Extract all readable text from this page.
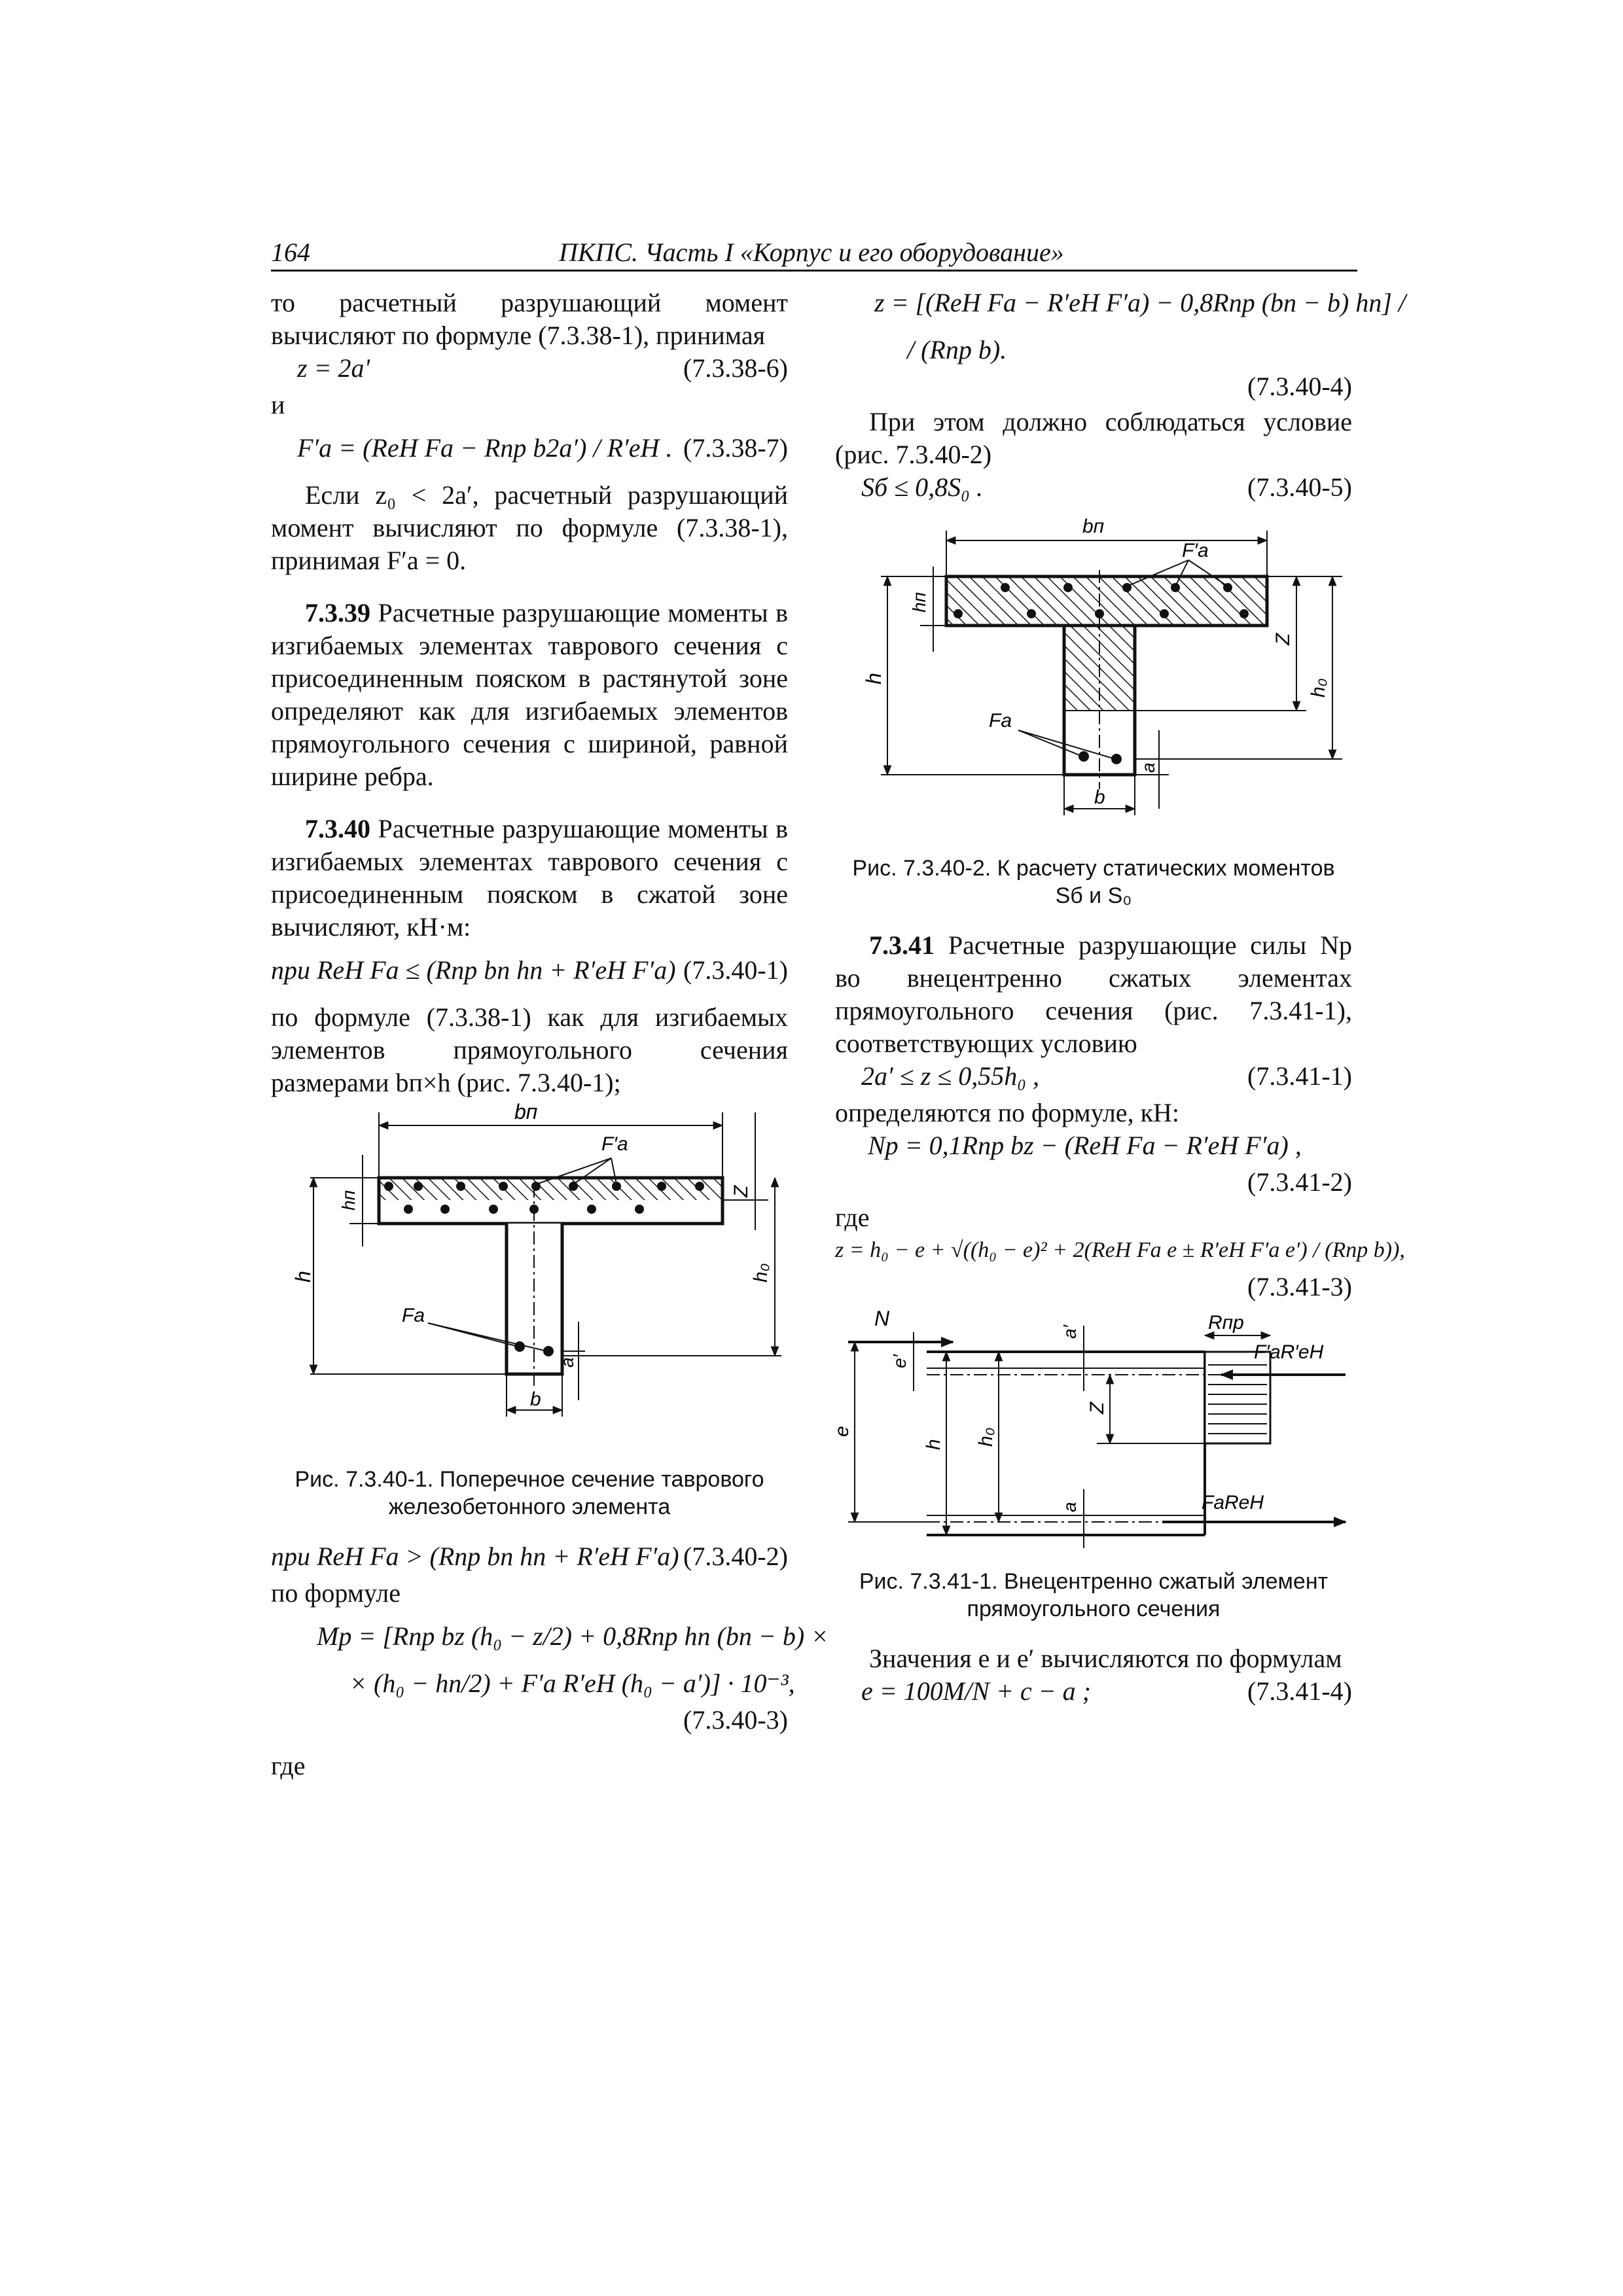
164	ПКПС. Часть I «Корпус и его оборудование»

то расчетный разрушающий момент вычисляют по формуле (7.3.38-1), принимая

z = 2a'	(7.3.38-6)

и

F′a = (RеН Fа − Rпр b2a′) / R′еН . (7.3.38-7)

Если z₀ < 2a′, расчетный разрушающий момент вычисляют по формуле (7.3.38-1), принимая F′а = 0.

7.3.39 Расчетные разрушающие моменты в изгибаемых элементах таврового сечения с присоединенным пояском в растянутой зоне определяют как для изгибаемых элементов прямоугольного сечения с шириной, равной ширине ребра.

7.3.40 Расчетные разрушающие моменты в изгибаемых элементах таврового сечения с присоединенным пояском в сжатой зоне вычисляют, кН·м:

при RеН Fа ≤ (Rпр bп hп + R′еН F′а) (7.3.40-1)

по формуле (7.3.38-1) как для изгибаемых элементов прямоугольного сечения размерами bп×h (рис. 7.3.40-1);

bп
F′а
Fа
h
hп	Z
h₀
a
b

Рис. 7.3.40-1. Поперечное сечение таврового железобетонного элемента

при RеН Fа > (Rпр bп hп + R′еН F′а) (7.3.40-2)

по формуле

Mр = [Rпр bz (h₀ − z/2) + 0,8Rпр hп (bп − b) ×
× (h₀ − hп/2) + F′а R′еН (h₀ − a′)] · 10⁻³,
(7.3.40-3)

где

z = [(RеН Fа − R′еН F′а) − 0,8Rпр (bп − b) hп] /
/ (Rпр b).
(7.3.40-4)

При этом должно соблюдаться условие (рис. 7.3.40-2)

Sб ≤ 0,8S₀ .	(7.3.40-5)
bп
F′а
Fа
h
hп
Z
h₀
a
b

Рис. 7.3.40-2. К расчету статических моментов

Sб и S₀

7.3.41 Расчетные разрушающие силы Nр во внецентренно сжатых элементах прямоугольного сечения (рис. 7.3.41-1), соответствующих условию

2a′ ≤ z ≤ 0,55h₀ ,	(7.3.41-1)

определяются по формуле, кН:

Nр = 0,1Rпр bz − (RеН Fа − R′еН F′а) ,
(7.3.41-2)

где

z = h₀ − e + √((h₀ − e)² + 2(RеН Fа e ± R′еН F′а e′) / (Rпр b)),
(7.3.41-3)
N	Rпр
F′аR′еН
FаRеН
a′
e′
e
h h₀
Z
a

Рис. 7.3.41-1. Внецентренно сжатый элемент

прямоугольного сечения

Значения e и e′ вычисляются по формулам

e = 100M/N + c − a ;	(7.3.41-4)
